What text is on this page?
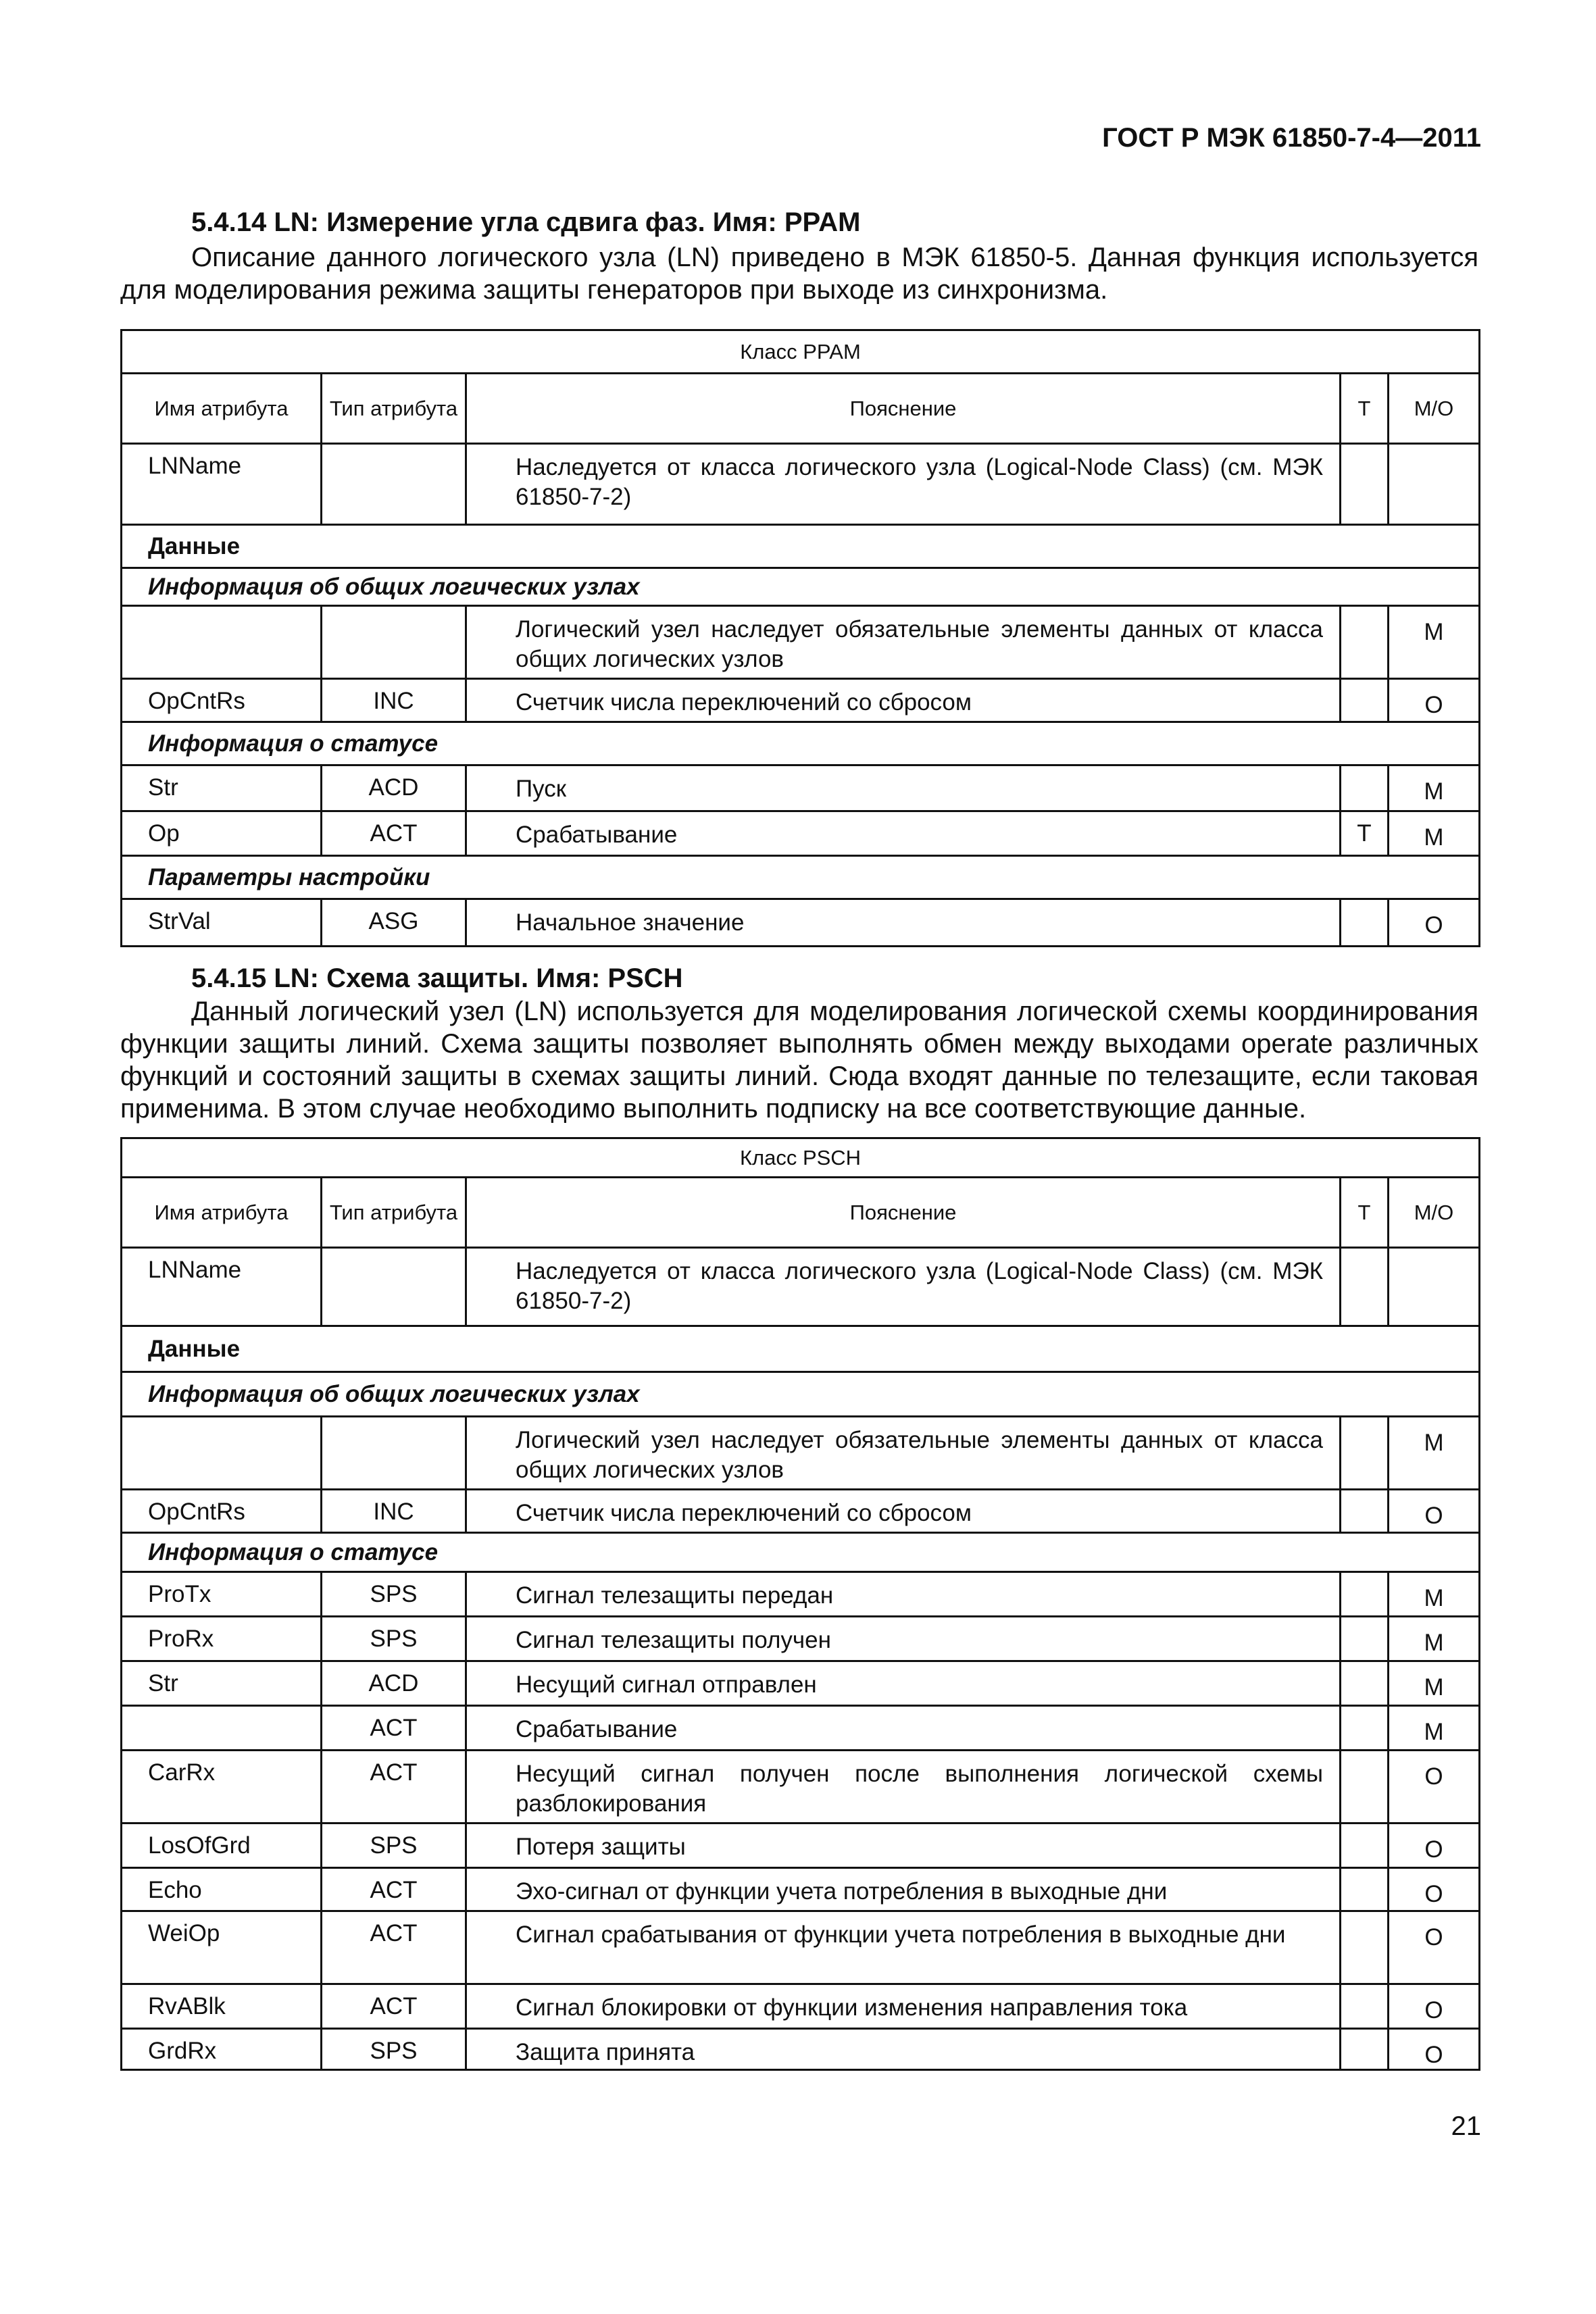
ГОСТ Р МЭК 61850-7-4—2011
5.4.14 LN: Измерение угла сдвига фаз. Имя: PPAM
Описание данного логического узла (LN) приведено в МЭК 61850-5. Данная функция используется для моделирования режима защиты генераторов при выходе из синхронизма.
Класс PPAM				
Имя атрибута	Тип атрибута	Пояснение	T	M/O
LNName		Наследуется от класса логического узла (Logical-Node Class) (см. МЭК 61850-7-2)		

Данные				
Информация об общих логических узлах				

		Логический узел наследует обязательные элементы данных от класса общих логических узлов		M
OpCntRs	INC	Счетчик числа переключений со сбросом		O
Информация о статусе				
Str	ACD	Пуск		M
Op	ACT	Срабатывание	T	M
Параметры настройки				
StrVal	ASG	Начальное значение		O
5.4.15 LN: Схема защиты. Имя: PSCH
Данный логический узел (LN) используется для моделирования логической схемы координирования функции защиты линий. Схема защиты позволяет выполнять обмен между выходами operate различных функций и состояний защиты в схемах защиты линий. Сюда входят данные по телезащите, если таковая применима. В этом случае необходимо выполнить подписку на все соответствующие данные.
Класс PSCH				
Имя атрибута	Тип атрибута	Пояснение	T	M/O
LNName		Наследуется от класса логического узла (Logical-Node Class) (см. МЭК 61850-7-2)		

Данные				
Информация об общих логических узлах				

		Логический узел наследует обязательные элементы данных от класса общих логических узлов		M
OpCntRs	INC	Счетчик числа переключений со сбросом		O
Информация о статусе				
ProTx	SPS	Сигнал телезащиты передан		M
ProRx	SPS	Сигнал телезащиты получен		M
Str	ACD	Несущий сигнал отправлен		M
	ACT	Срабатывание		M
CarRx	ACT	Несущий сигнал получен после выполнения логической схемы разблокирования		O
LosOfGrd	SPS	Потеря защиты		O
Echo	ACT	Эхо-сигнал от функции учета потребления в выходные дни		O
WeiOp	ACT	Сигнал срабатывания от функции учета потребления в выходные дни		O
RvABlk	ACT	Сигнал блокировки от функции изменения направления тока		O
GrdRx	SPS	Защита принята		O
21
